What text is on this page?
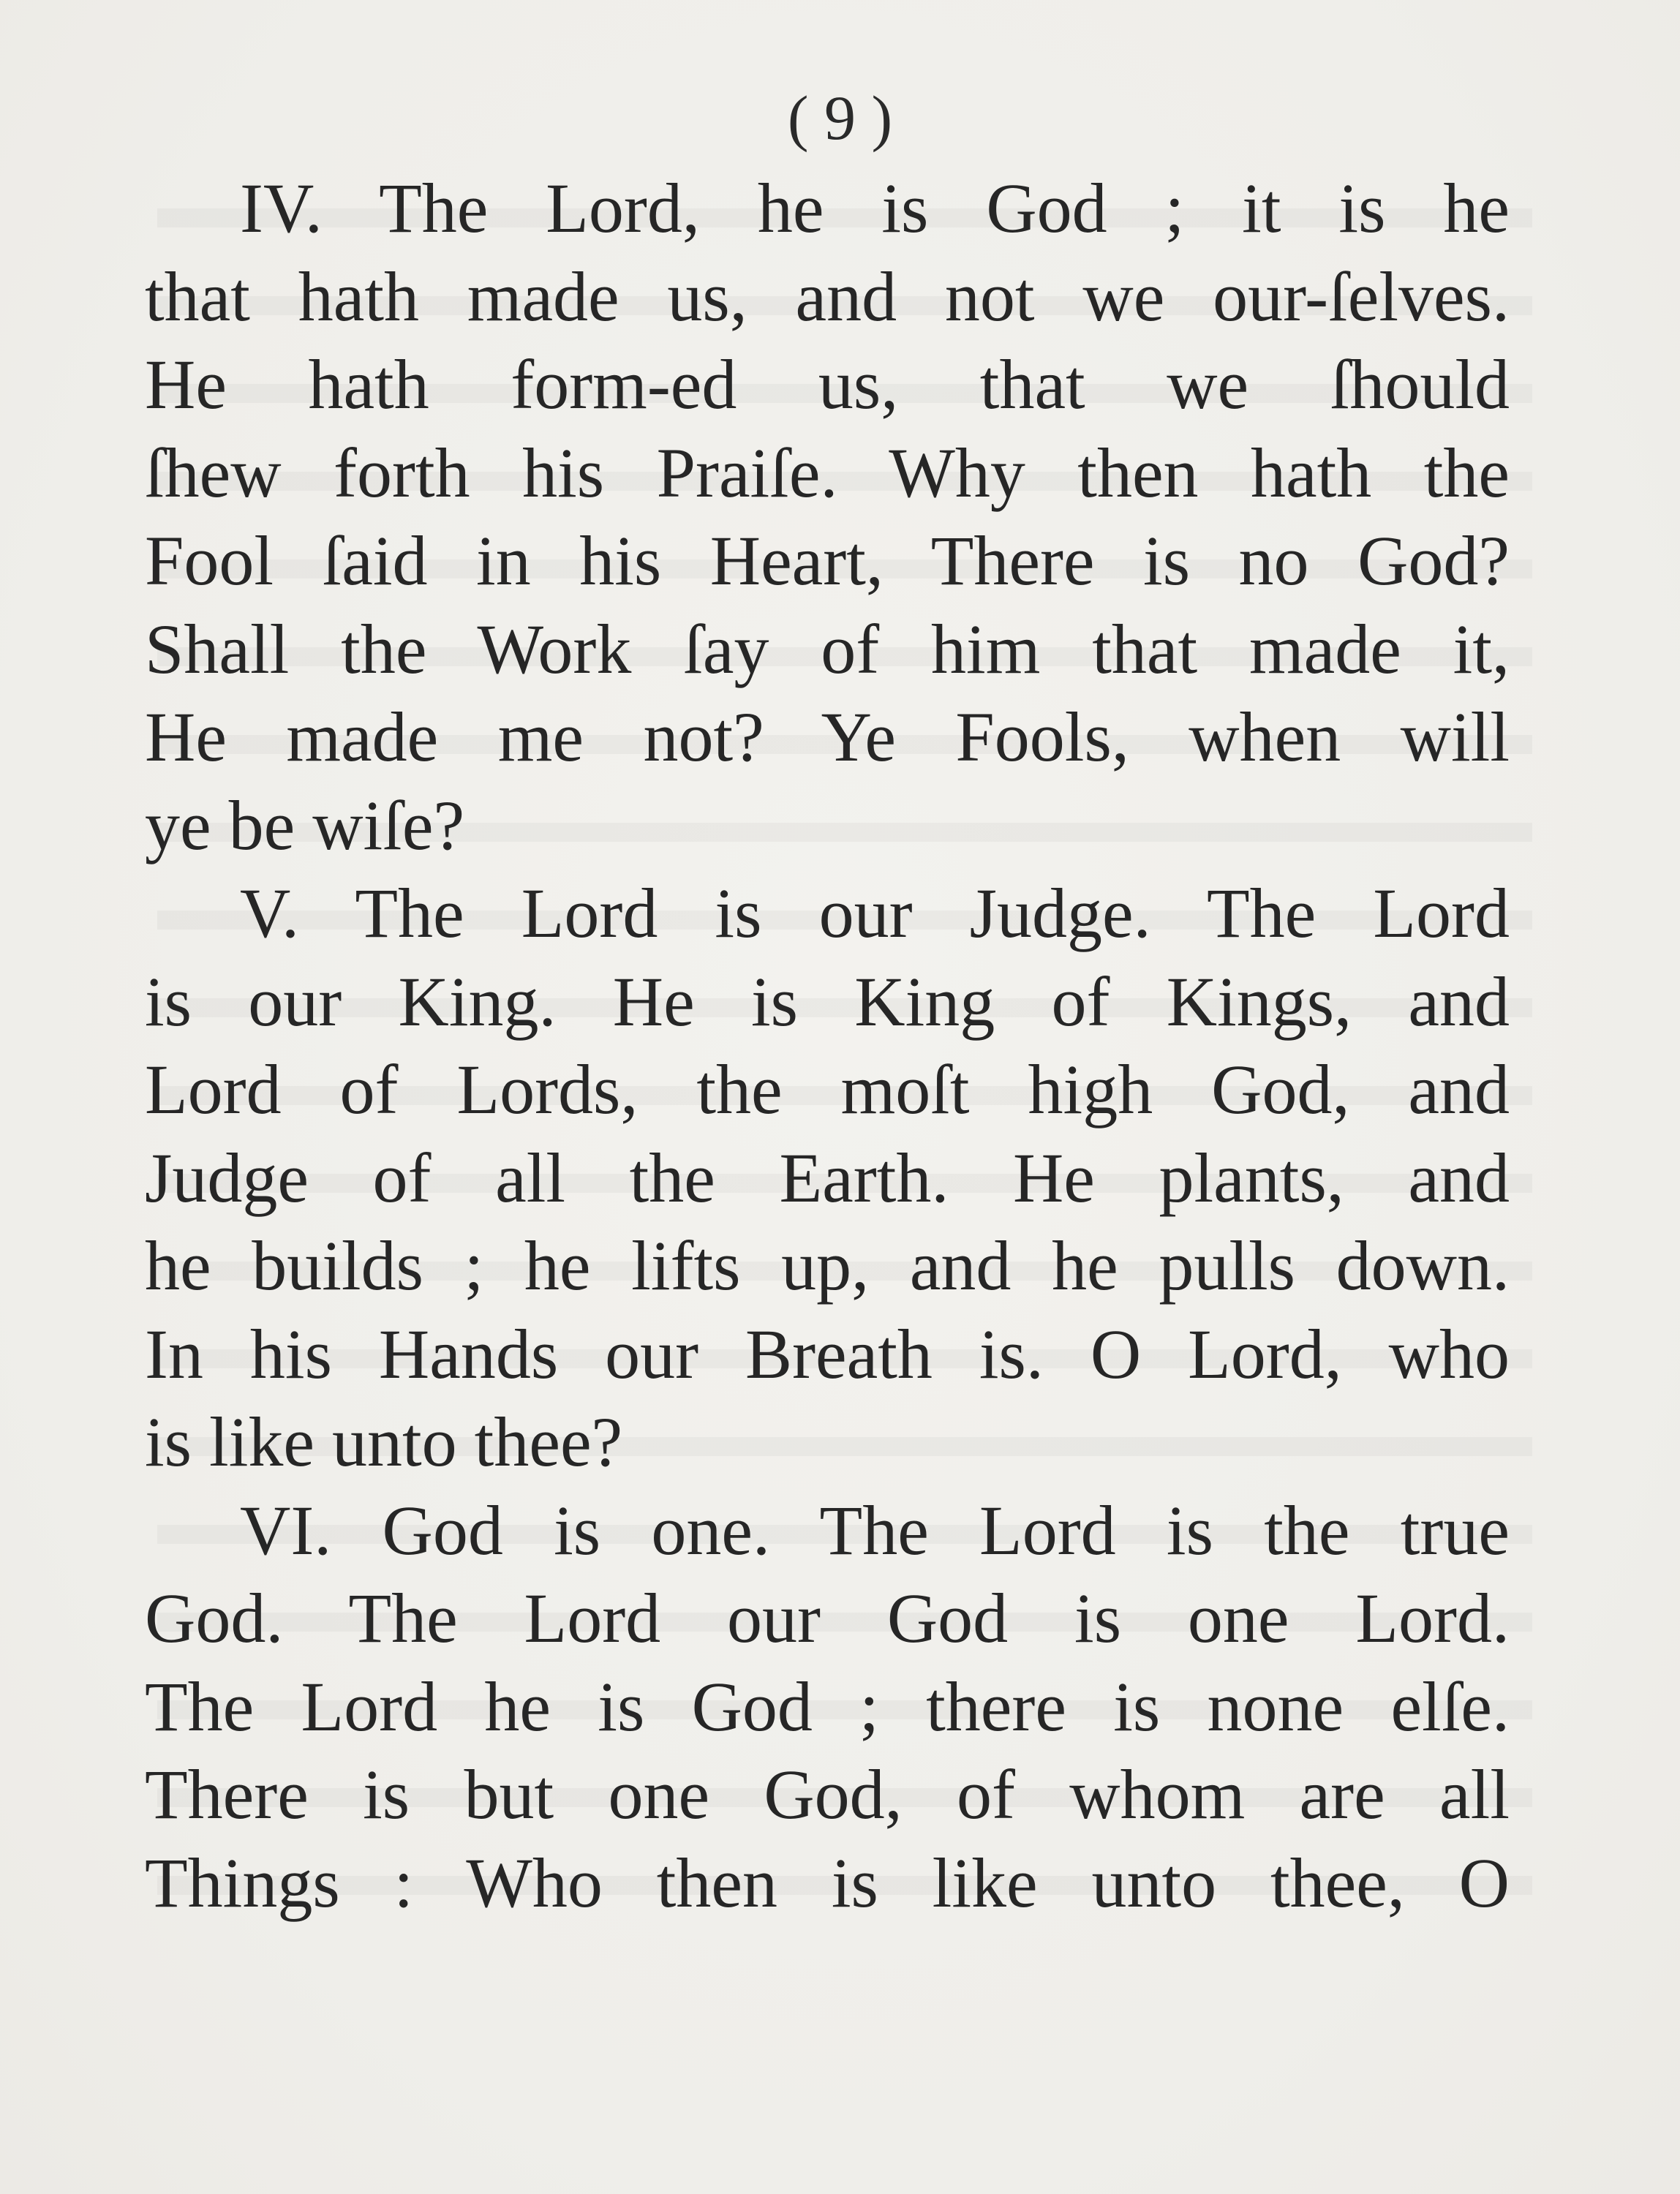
( 9 )
IV. The Lord, he is God ; it is he
that hath made us, and not we our-ſelves.
He hath form-ed us, that we ſhould
ſhew forth his Praiſe. Why then hath the
Fool ſaid in his Heart, There is no God?
Shall the Work ſay of him that made it,
He made me not? Ye Fools, when will
ye be wiſe?
V. The Lord is our Judge. The Lord
is our King. He is King of Kings, and
Lord of Lords, the moſt high God, and
Judge of all the Earth. He plants, and
he builds ; he lifts up, and he pulls down.
In his Hands our Breath is. O Lord, who
is like unto thee?
VI. God is one. The Lord is the true
God. The Lord our God is one Lord.
The Lord he is God ; there is none elſe.
There is but one God, of whom are all
Things : Who then is like unto thee, O
